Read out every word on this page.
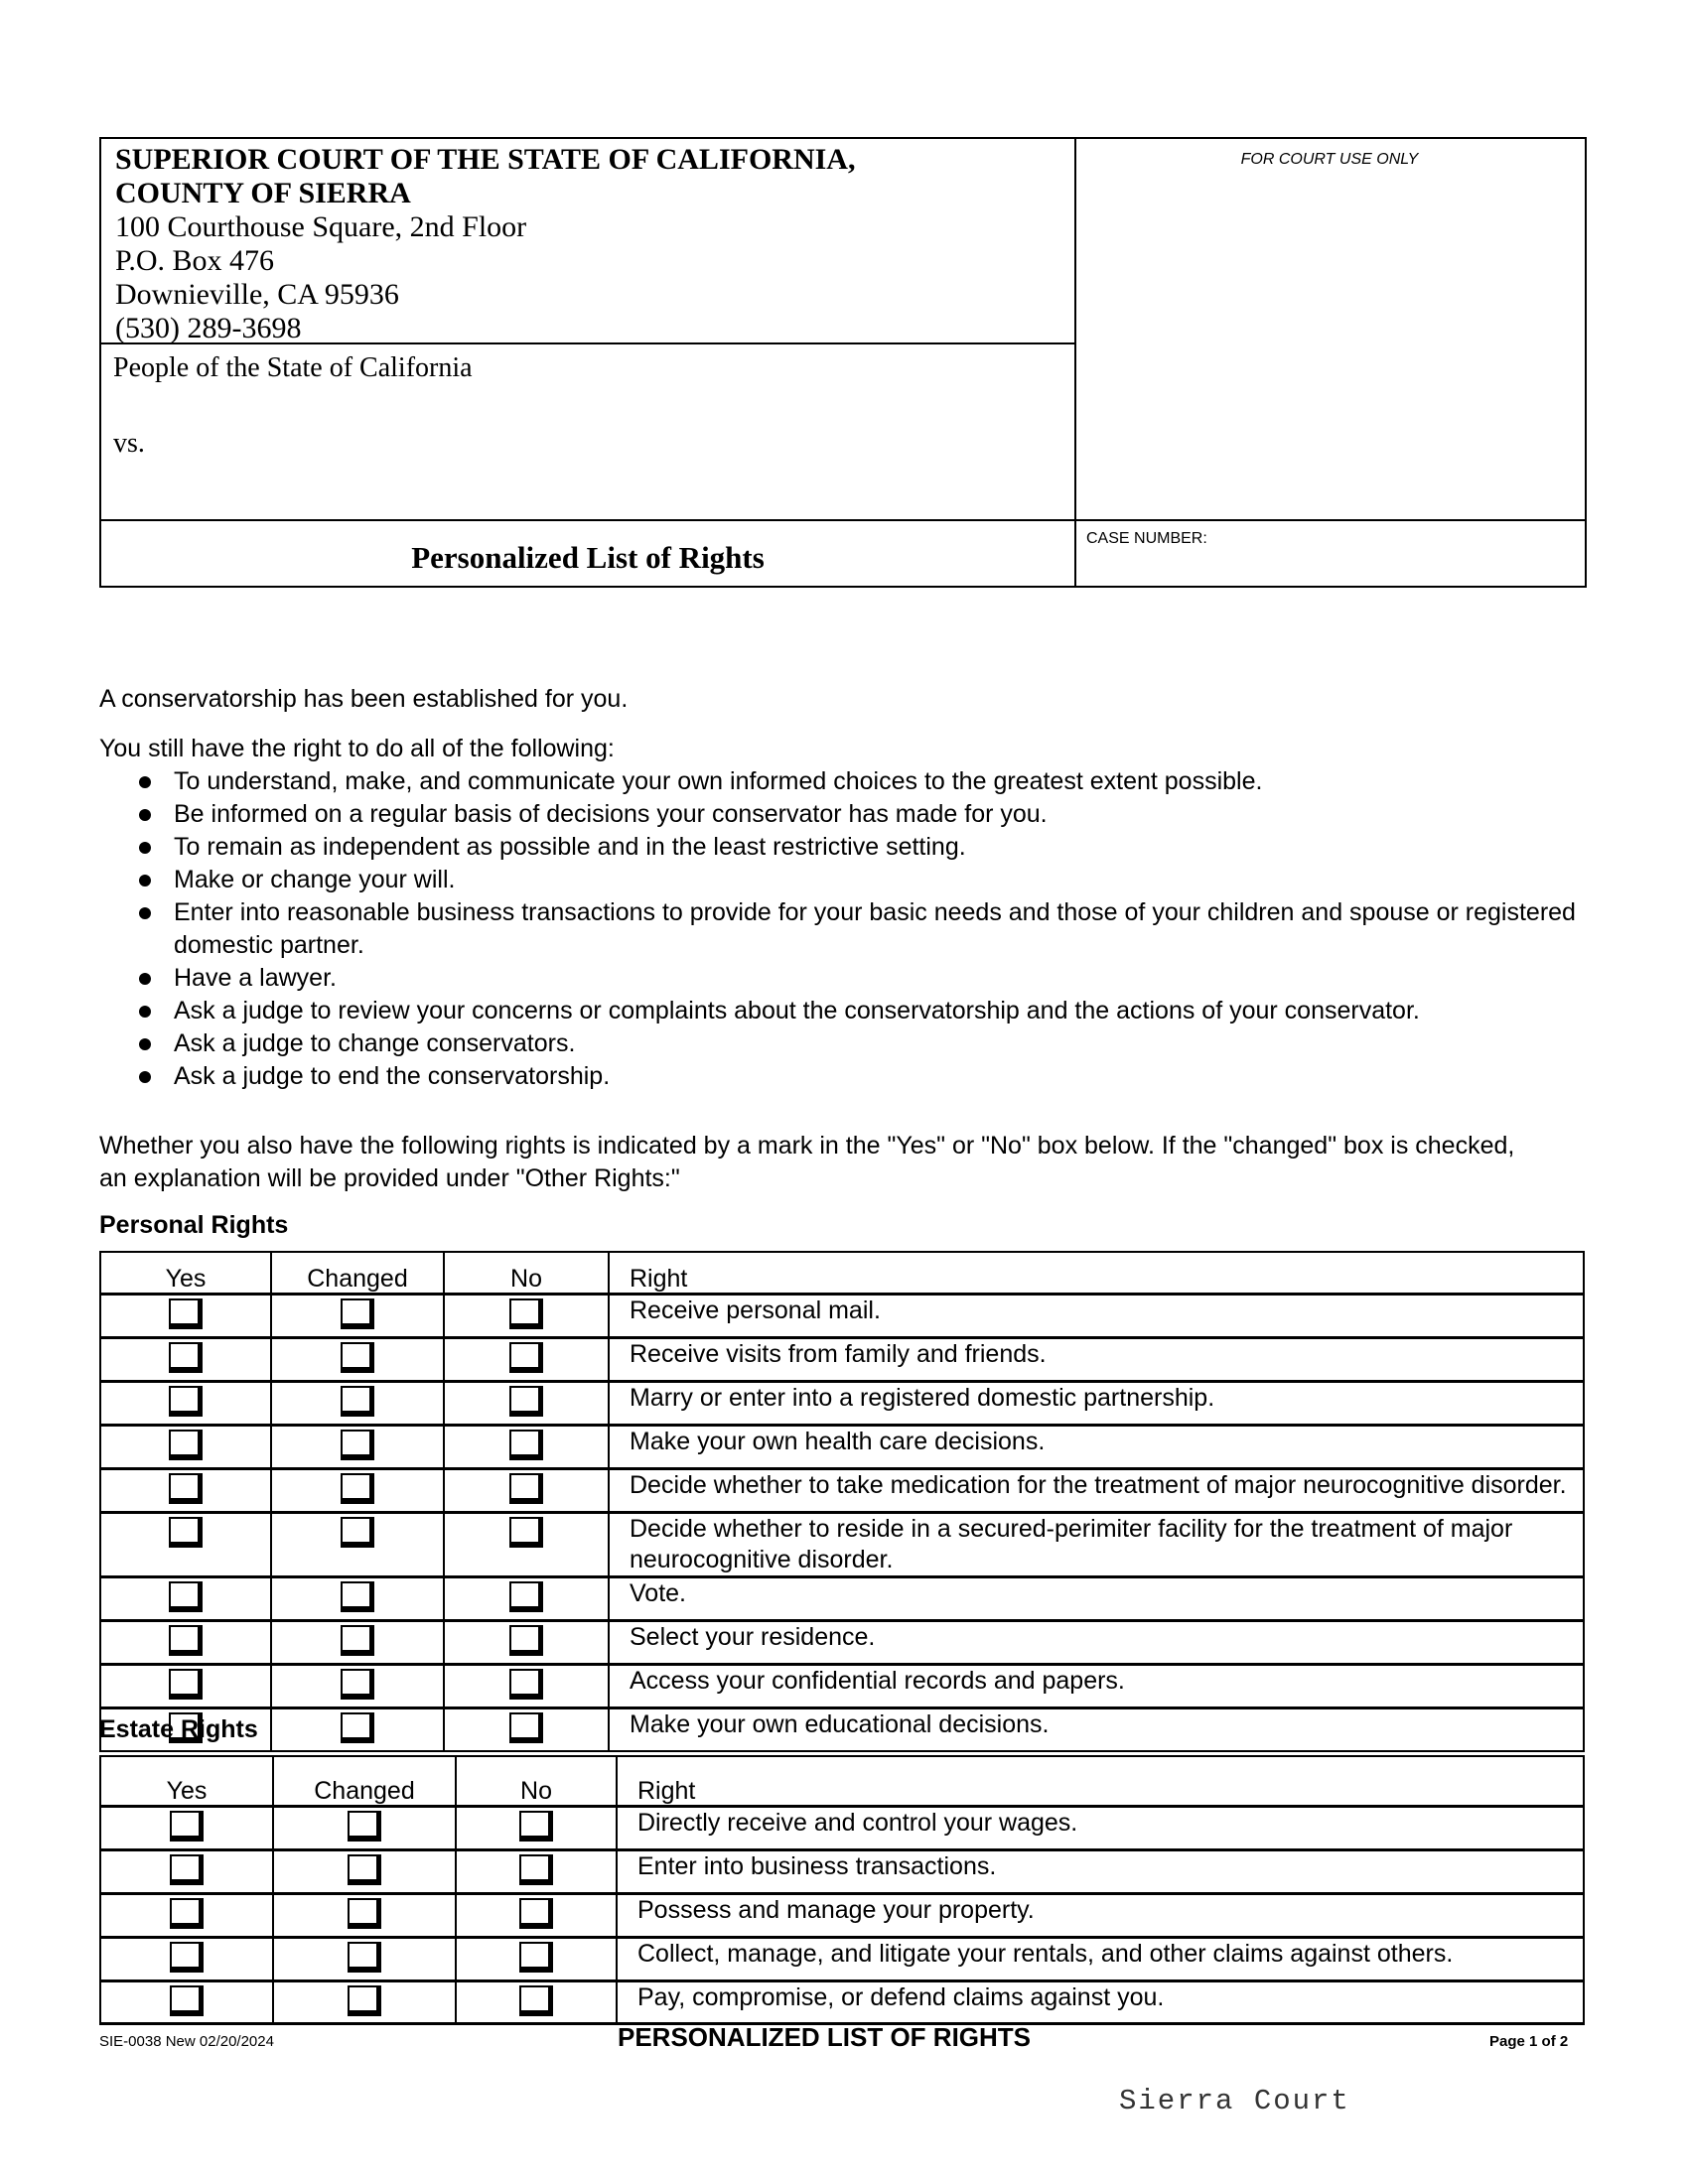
SUPERIOR COURT OF THE STATE OF CALIFORNIA,
COUNTY OF SIERRA
100 Courthouse Square, 2nd Floor
P.O. Box 476
Downieville, CA 95936
(530) 289-3698
People of the State of California
vs.
Personalized List of Rights
FOR COURT USE ONLY
CASE NUMBER:
A conservatorship has been established for you.
You still have the right to do all of the following:
To understand, make, and communicate your own informed choices to the greatest extent possible.
Be informed on a regular basis of decisions your conservator has made for you.
To remain as independent as possible and in the least restrictive setting.
Make or change your will.
Enter into reasonable business transactions to provide for your basic needs and those of your children and spouse or registered domestic partner.
Have a lawyer.
Ask a judge to review your concerns or complaints about the conservatorship and the actions of your conservator.
Ask a judge to change conservators.
Ask a judge to end the conservatorship.
Whether you also have the following rights is indicated by a mark in the "Yes" or "No" box below. If the "changed" box is checked, an explanation will be provided under "Other Rights:"
Personal Rights
Yes	Changed	No	Right
			Receive personal mail.
			Receive visits from family and friends.
			Marry or enter into a registered domestic partnership.
			Make your own health care decisions.
			Decide whether to take medication for the treatment of major neurocognitive disorder.
			Decide whether to reside in a secured-perimiter facility for the treatment of major neurocognitive disorder.
			Vote.
			Select your residence.
			Access your confidential records and papers.
			Make your own educational decisions.
Estate Rights
Yes	Changed	No	Right
			Directly receive and control your wages.
			Enter into business transactions.
			Possess and manage your property.
			Collect, manage, and litigate your rentals, and other claims against others.
			Pay, compromise, or defend claims against you.
SIE-0038 New 02/20/2024	PERSONALIZED LIST OF RIGHTS	Page 1 of 2
Sierra Court
